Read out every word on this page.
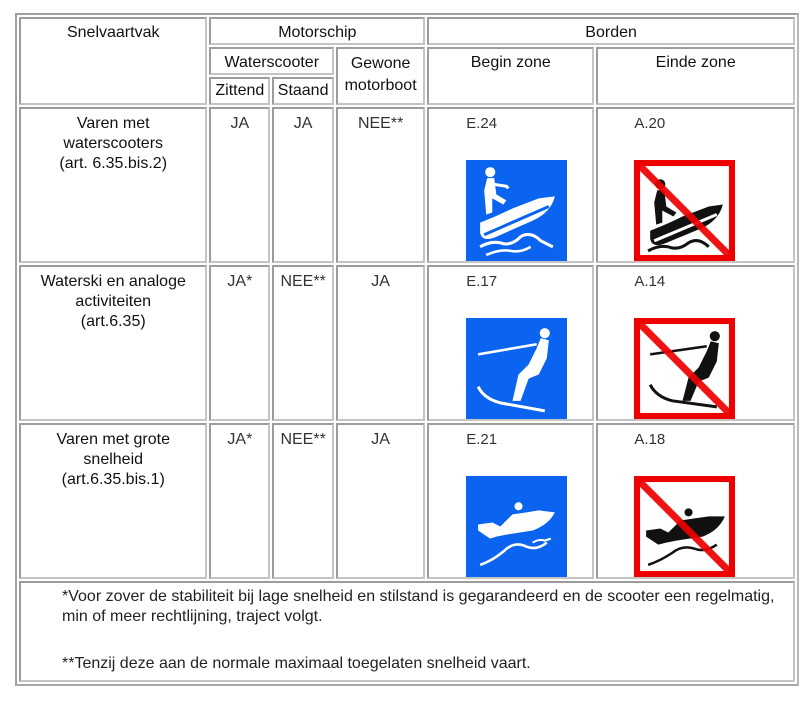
Snelvaartvak	Motorschip			Borden	
	Waterscooter		Gewone motorboot	Begin zone	Einde zone
	Zittend	Staand			

Varen met
waterscooters
(art. 6.35.bis.2)	JA	JA	NEE**	E.24	A.20

Waterski en analoge
activiteiten
(art.6.35)	JA*	NEE**	JA	E.17	A.14

Varen met grote
snelheid
(art.6.35.bis.1)	JA*	NEE**	JA	E.21	A.18

*Voor zover de stabiliteit bij lage snelheid en stilstand is gegarandeerd en de scooter een regelmatig, min of meer rechtlijning, traject volgt.

**Tenzij deze aan de normale maximaal toegelaten snelheid vaart.					
